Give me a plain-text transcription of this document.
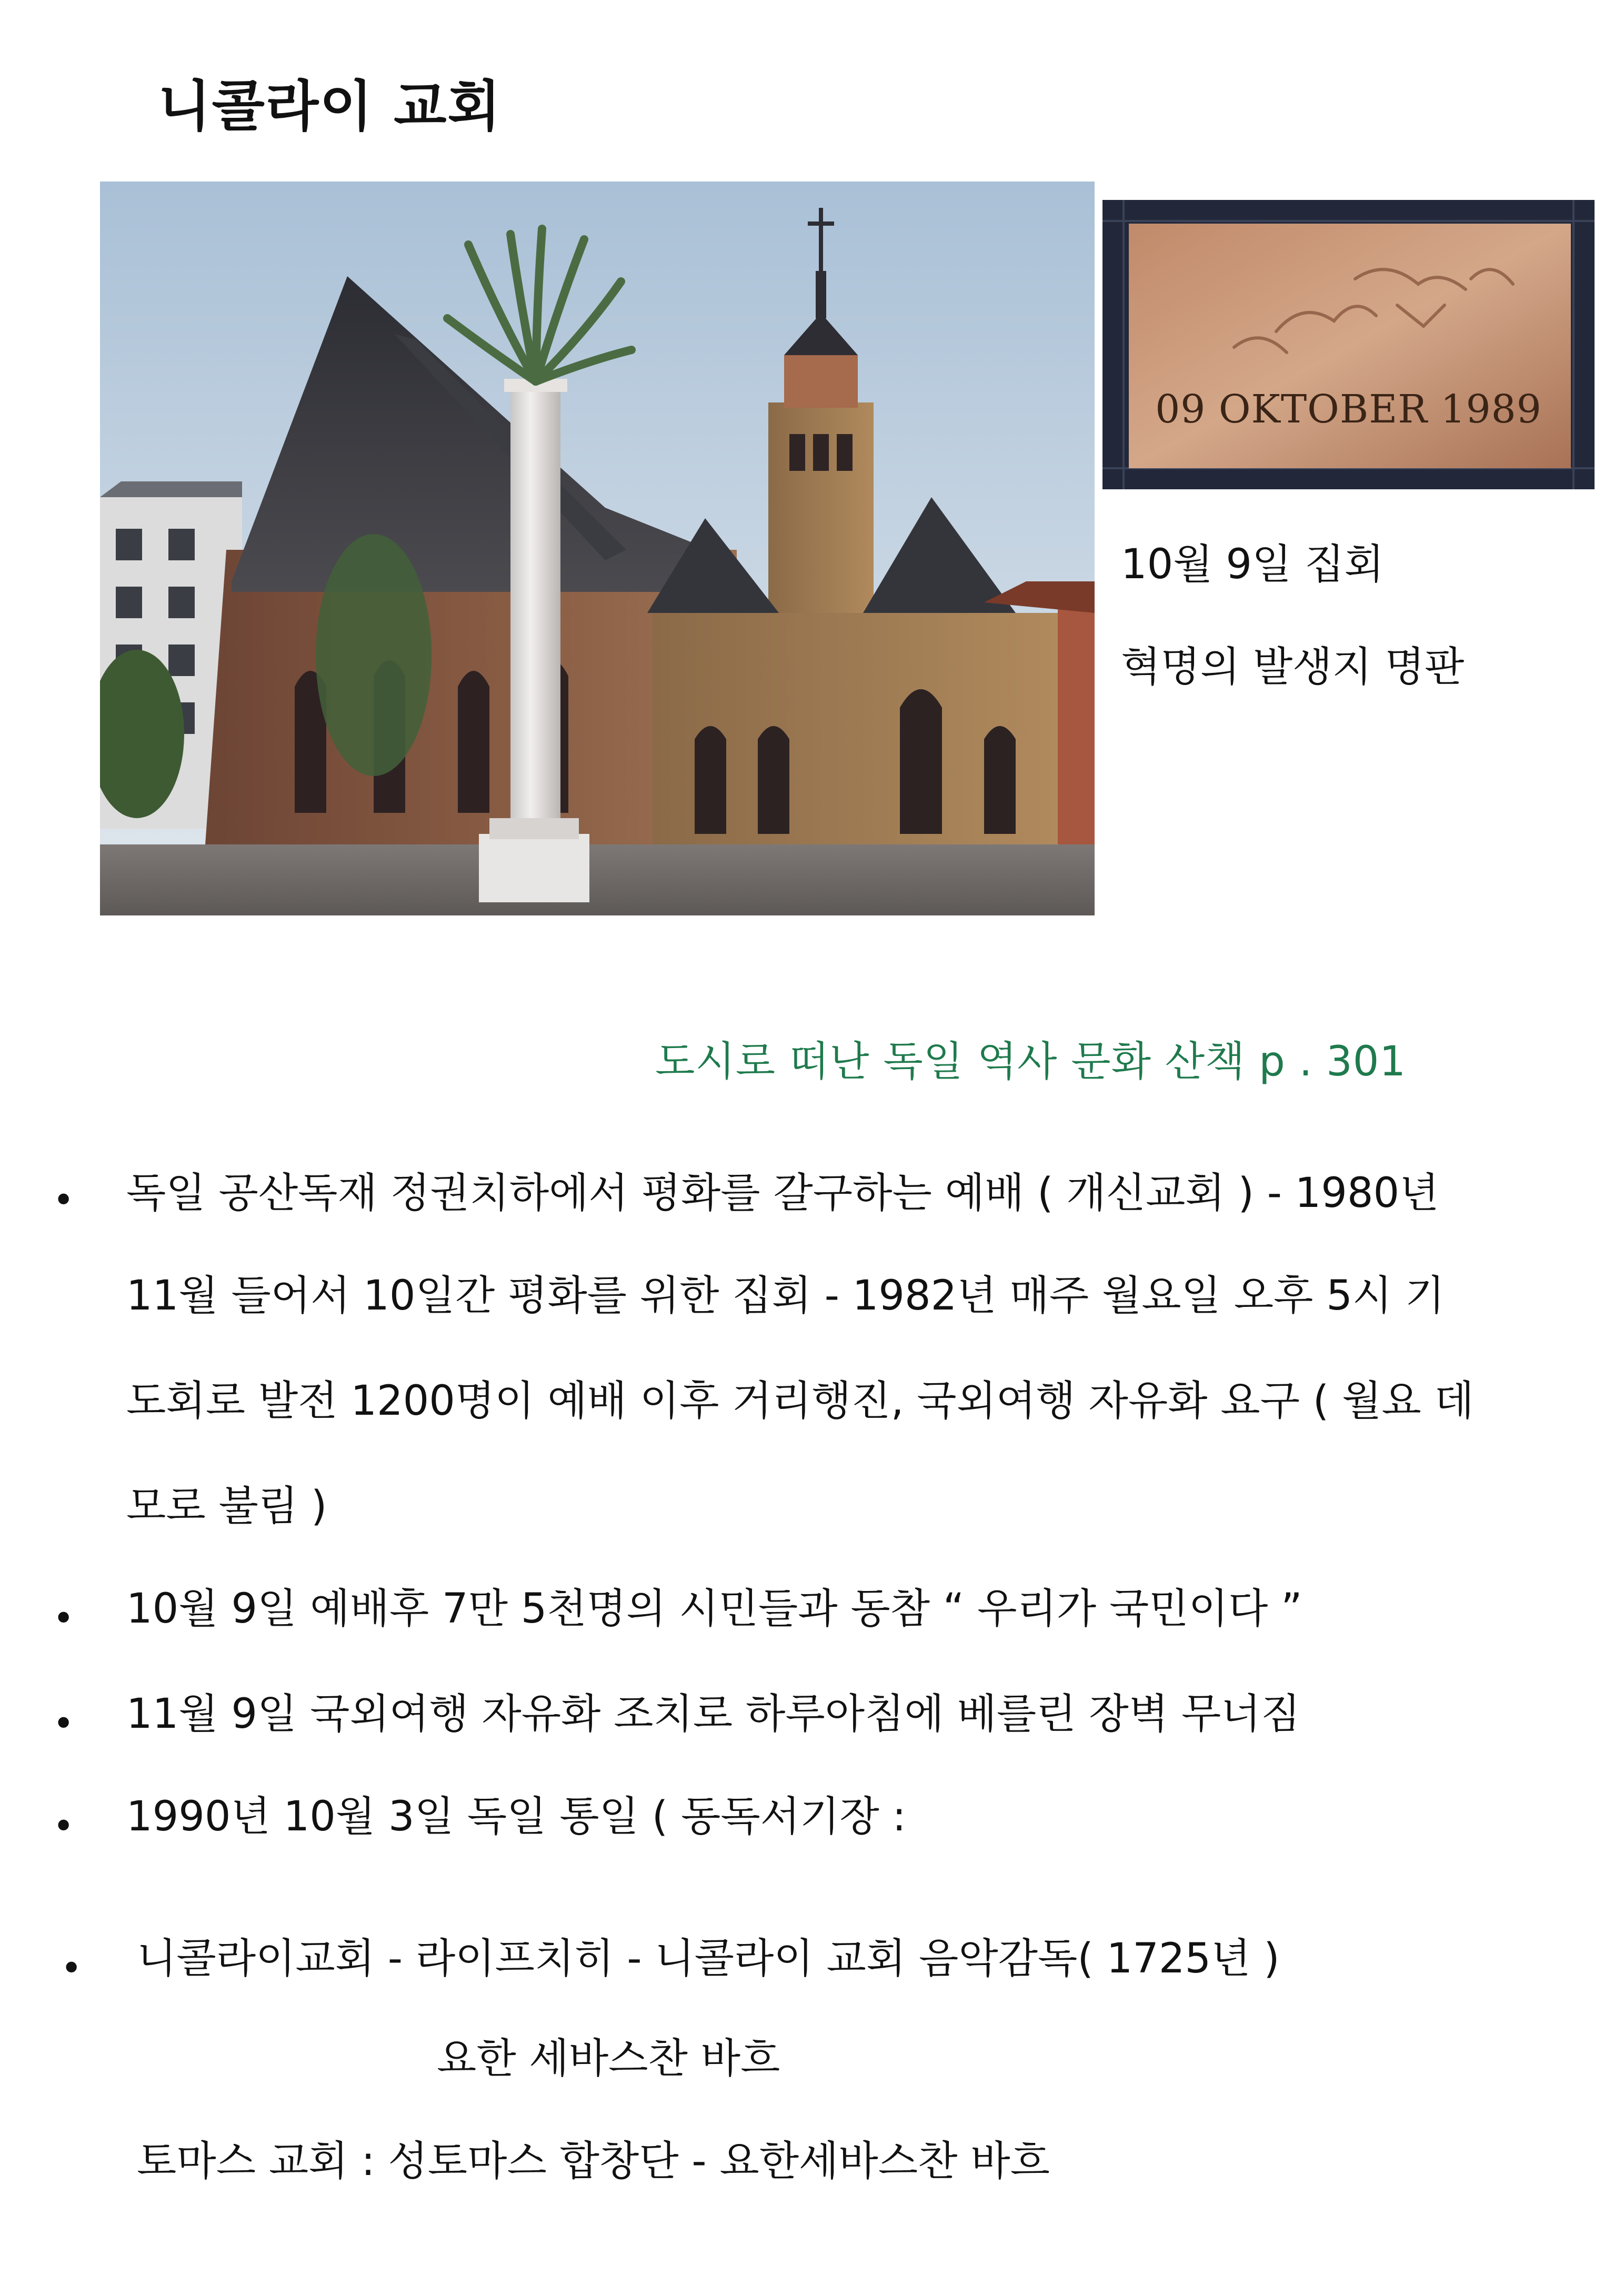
니콜라이 교회
09 OKTOBER 1989
10월 9일 집회
혁명의 발생지 명판
도시로 떠난 독일 역사 문화 산책 p . 301
• 독일 공산독재 정권치하에서 평화를 갈구하는 예배 ( 개신교회 ) - 1980년
11월 들어서 10일간 평화를 위한 집회 - 1982년 매주 월요일 오후 5시 기
도회로 발전 1200명이 예배 이후 거리행진, 국외여행 자유화 요구 ( 월요 데
모로 불림 )
• 10월 9일 예배후 7만 5천명의 시민들과 동참 “ 우리가 국민이다 ”
• 11월 9일 국외여행 자유화 조치로 하루아침에 베를린 장벽 무너짐
• 1990년 10월 3일 독일 통일 ( 동독서기장 :
• 니콜라이교회 - 라이프치히 - 니콜라이 교회 음악감독( 1725년 )
요한 세바스찬 바흐
토마스 교회 : 성토마스 합창단 - 요한세바스찬 바흐
